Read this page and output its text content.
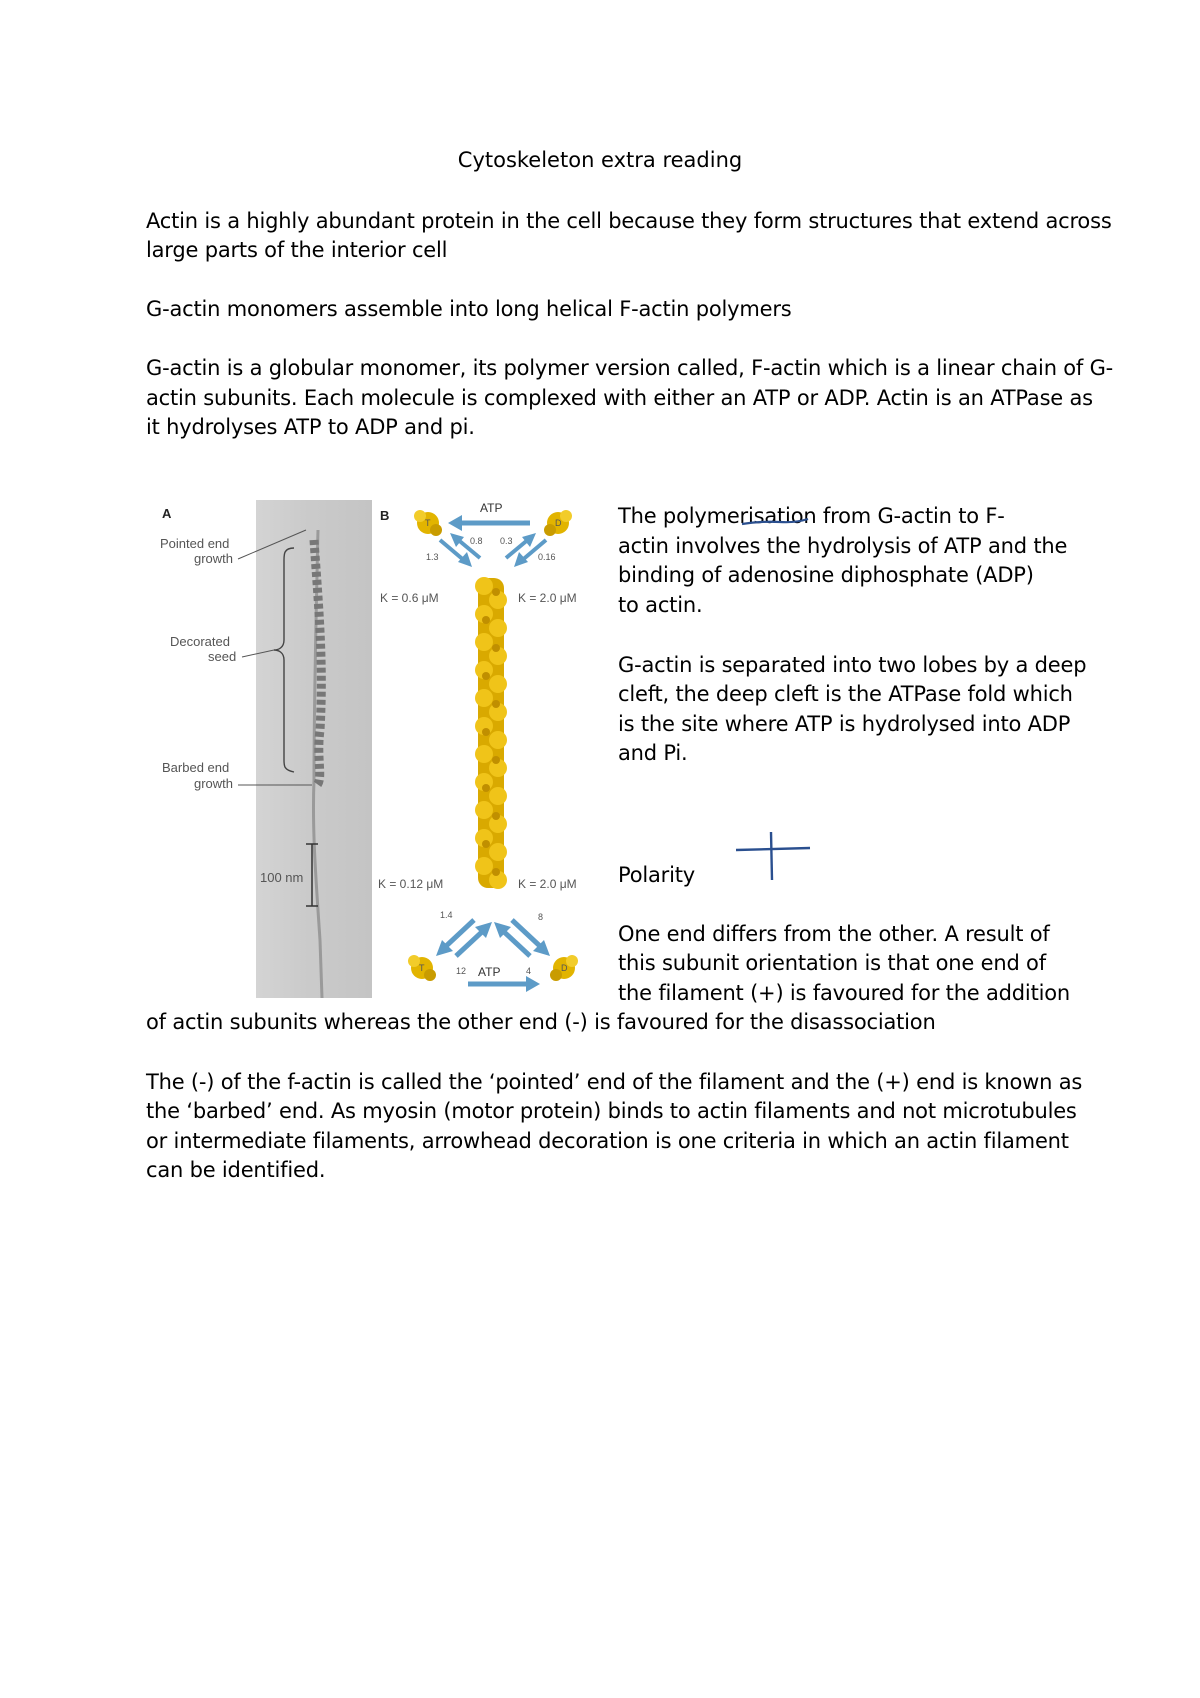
Cytoskeleton extra reading
Actin is a highly abundant protein in the cell because they form structures that extend across
large parts of the interior cell
G-actin monomers assemble into long helical F-actin polymers
G-actin is a globular monomer, its polymer version called, F-actin which is a linear chain of G-
actin subunits. Each molecule is complexed with either an ATP or ADP. Actin is an ATPase as
it hydrolyses ATP to ADP and pi.
The polymerisation from G-actin to F-
actin involves the hydrolysis of ATP and the
binding of adenosine diphosphate (ADP)
to actin.
G-actin is separated into two lobes by a deep
cleft, the deep cleft is the ATPase fold which
is the site where ATP is hydrolysed into ADP
and Pi.
Polarity
One end differs from the other. A result of
this subunit orientation is that one end of
the filament (+) is favoured for the addition
of actin subunits whereas the other end (-) is favoured for the disassociation
The (-) of the f-actin is called the ‘pointed’ end of the filament and the (+) end is known as
the ‘barbed’ end. As myosin (motor protein) binds to actin filaments and not microtubules
or intermediate filaments, arrowhead decoration is one criteria in which an actin filament
can be identified.
A
Pointed end
growth
Decorated
seed
Barbed end
growth
100 nm
B	T	D
ATP
1.3
0.8 0.3
0.16
K = 0.6 μM	K = 2.0 μM
K = 0.12 μM	K = 2.0 μM
1.4
12
8
4
T	D
ATP
